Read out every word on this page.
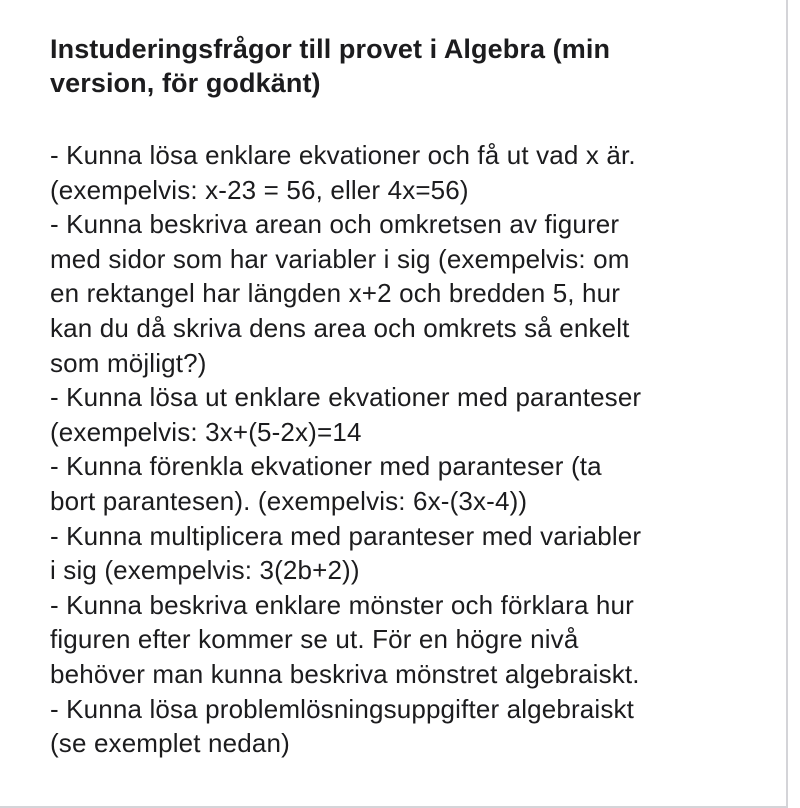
Instuderingsfrågor till provet i Algebra (min
version, för godkänt)
- Kunna lösa enklare ekvationer och få ut vad x är.
(exempelvis: x-23 = 56, eller 4x=56)
- Kunna beskriva arean och omkretsen av figurer
med sidor som har variabler i sig (exempelvis: om
en rektangel har längden x+2 och bredden 5, hur
kan du då skriva dens area och omkrets så enkelt
som möjligt?)
- Kunna lösa ut enklare ekvationer med paranteser
(exempelvis: 3x+(5-2x)=14
- Kunna förenkla ekvationer med paranteser (ta
bort parantesen). (exempelvis: 6x-(3x-4))
- Kunna multiplicera med paranteser med variabler
i sig (exempelvis: 3(2b+2))
- Kunna beskriva enklare mönster och förklara hur
figuren efter kommer se ut. För en högre nivå
behöver man kunna beskriva mönstret algebraiskt.
- Kunna lösa problemlösningsuppgifter algebraiskt
(se exemplet nedan)
